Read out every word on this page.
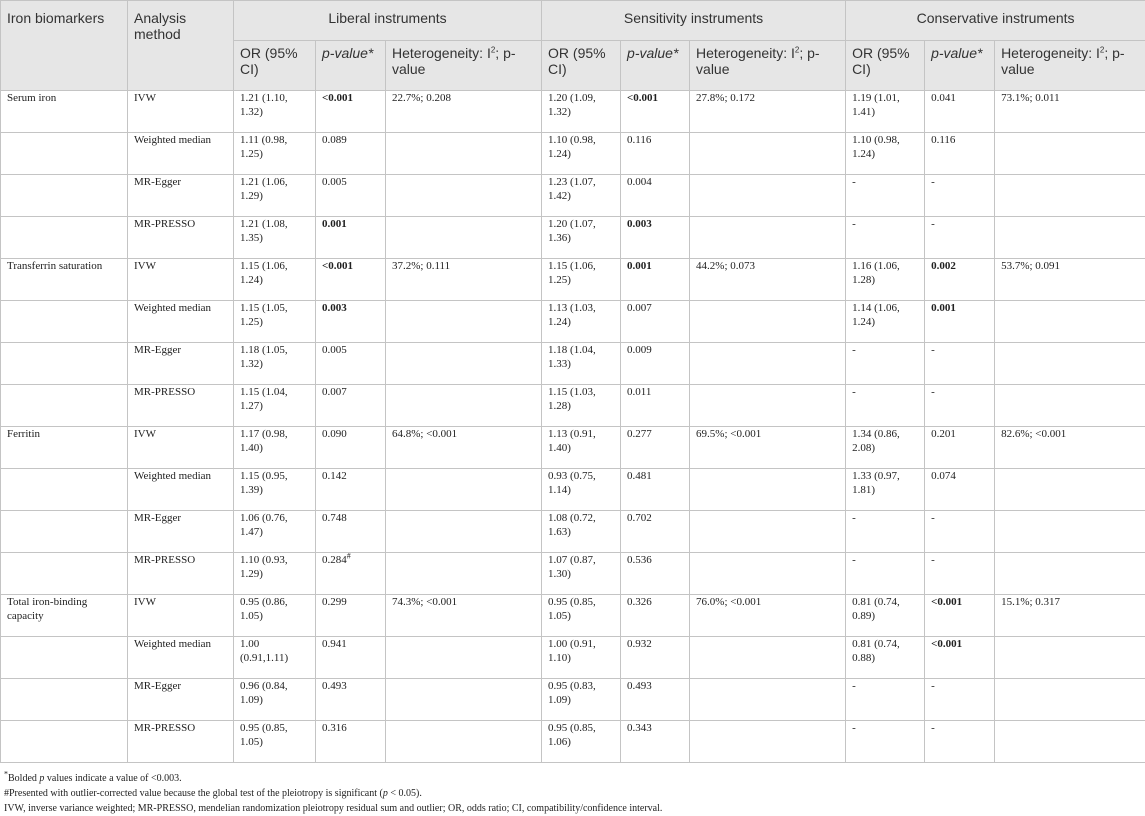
Iron biomarkers	Analysis method	Liberal instruments			Sensitivity instruments			Conservative instruments		
		OR (95% CI)	p-value*	Heterogeneity: $I^2$; p-value	OR (95% CI)	p-value*	Heterogeneity: $I^2$; p-value	OR (95% CI)	p-value*	Heterogeneity: $I^2$; p-value
Serum iron	IVW	1.21 (1.10, 1.32)	<0.001	22.7%; 0.208	1.20 (1.09, 1.32)	<0.001	27.8%; 0.172	1.19 (1.01, 1.41)	0.041	73.1%; 0.011
	Weighted median	1.11 (0.98, 1.25)	0.089		1.10 (0.98, 1.24)	0.116		1.10 (0.98, 1.24)	0.116	
	MR-Egger	1.21 (1.06, 1.29)	0.005		1.23 (1.07, 1.42)	0.004		-	-	
	MR-PRESSO	1.21 (1.08, 1.35)	0.001		1.20 (1.07, 1.36)	0.003		-	-	
Transferrin saturation	IVW	1.15 (1.06, 1.24)	<0.001	37.2%; 0.111	1.15 (1.06, 1.25)	0.001	44.2%; 0.073	1.16 (1.06, 1.28)	0.002	53.7%; 0.091
	Weighted median	1.15 (1.05, 1.25)	0.003		1.13 (1.03, 1.24)	0.007		1.14 (1.06, 1.24)	0.001	
	MR-Egger	1.18 (1.05, 1.32)	0.005		1.18 (1.04, 1.33)	0.009		-	-	
	MR-PRESSO	1.15 (1.04, 1.27)	0.007		1.15 (1.03, 1.28)	0.011		-	-	
Ferritin	IVW	1.17 (0.98, 1.40)	0.090	64.8%; <0.001	1.13 (0.91, 1.40)	0.277	69.5%; <0.001	1.34 (0.86, 2.08)	0.201	82.6%; <0.001
	Weighted median	1.15 (0.95, 1.39)	0.142		0.93 (0.75, 1.14)	0.481		1.33 (0.97, 1.81)	0.074	
	MR-Egger	1.06 (0.76, 1.47)	0.748		1.08 (0.72, 1.63)	0.702		-	-	
	MR-PRESSO	1.10 (0.93, 1.29)	0.284#		1.07 (0.87, 1.30)	0.536		-	-	
Total iron-binding capacity	IVW	0.95 (0.86, 1.05)	0.299	74.3%; <0.001	0.95 (0.85, 1.05)	0.326	76.0%; <0.001	0.81 (0.74, 0.89)	<0.001	15.1%; 0.317
	Weighted median	1.00 (0.91,1.11)	0.941		1.00 (0.91, 1.10)	0.932		0.81 (0.74, 0.88)	<0.001	
	MR-Egger	0.96 (0.84, 1.09)	0.493		0.95 (0.83, 1.09)	0.493		-	-	
	MR-PRESSO	0.95 (0.85, 1.05)	0.316		0.95 (0.85, 1.06)	0.343		-	-	
*Bolded p values indicate a value of <0.003.
#Presented with outlier-corrected value because the global test of the pleiotropy is significant (p < 0.05).
IVW, inverse variance weighted; MR-PRESSO, mendelian randomization pleiotropy residual sum and outlier; OR, odds ratio; CI, compatibility/confidence interval.
